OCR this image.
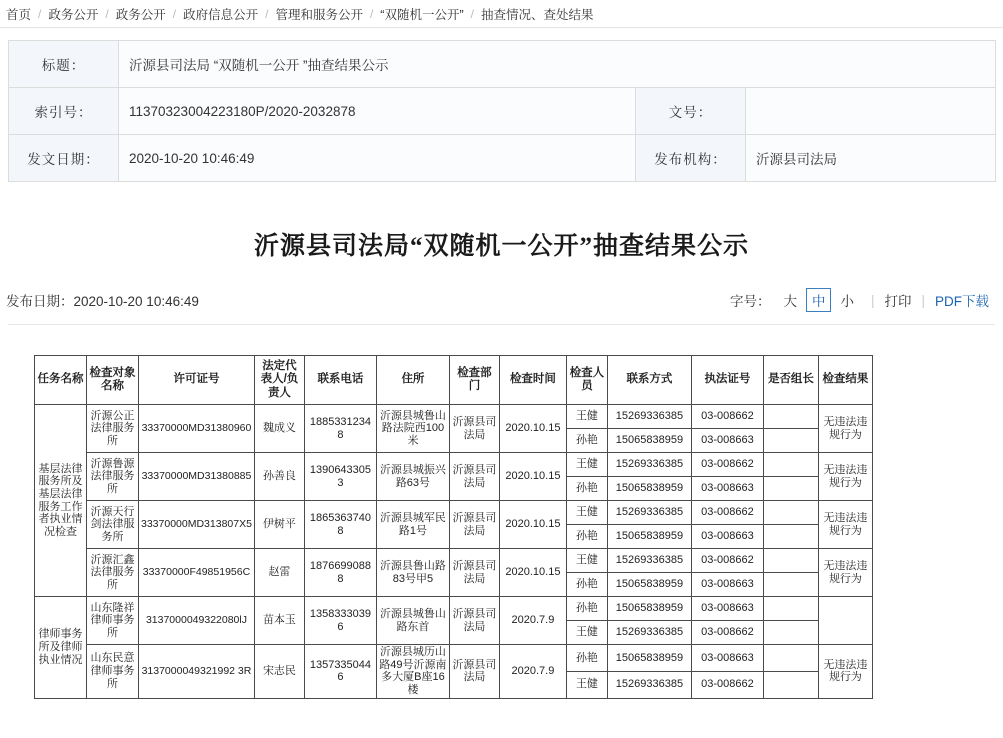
首页 / 政务公开 / 政务公开 / 政府信息公开 / 管理和服务公开 / “双随机一公开” / 抽查情况、查处结果
标题：	沂源县司法局 “双随机一公开 ”抽查结果公示		
索引号：	11370323004223180P/2020-2032878	文号：	
发文日期：	2020-10-20 10:46:49	发布机构：	沂源县司法局
沂源县司法局“双随机一公开”抽查结果公示
发布日期：2020-10-20 10:46:49	字号： 大	中	小	| 打印 | PDF下载
任务名称	检查对象名称	许可证号	法定代表人/负责人	联系电话	住所	检查部门	检查时间	检查人员	联系方式	执法证号	是否组长	检查结果
基层法律服务所及基层法律服务工作者执业情况检查	沂源公正法律服务所	33370000MD31380960	魏成义	18853312348	沂源县城鲁山路法院西100米	沂源县司法局	2020.10.15	王健	15269336385	03-008662		无违法违规行为
								孙艳	15065838959	03-008663		
	沂源鲁源法律服务所	33370000MD31380885	孙善良	13906433053	沂源县城振兴路63号	沂源县司法局	2020.10.15	王健	15269336385	03-008662		无违法违规行为
								孙艳	15065838959	03-008663		
	沂源天行剑法律服务所	33370000MD313807X5	伊树平	18653637408	沂源县城军民路1号	沂源县司法局	2020.10.15	王健	15269336385	03-008662		无违法违规行为
								孙艳	15065838959	03-008663		
	沂源汇鑫法律服务所	33370000F49851956C	赵雷	18766990888	沂源县鲁山路83号甲5	沂源县司法局	2020.10.15	王健	15269336385	03-008662		无违法违规行为
								孙艳	15065838959	03-008663		
律师事务所及律师执业情况	山东隆祥律师事务所	3137000049322080lJ	苗本玉	13583330396	沂源县城鲁山路东首	沂源县司法局	2020.7.9	孙艳	15065838959	03-008663		
								王健	15269336385	03-008662		
	山东民意律师事务所	3137000049321992 3R	宋志民	13573350446	沂源县城历山路49号沂源南多大厦B座16楼	沂源县司法局	2020.7.9	孙艳	15065838959	03-008663		无违法违规行为
								王健	15269336385	03-008662		
